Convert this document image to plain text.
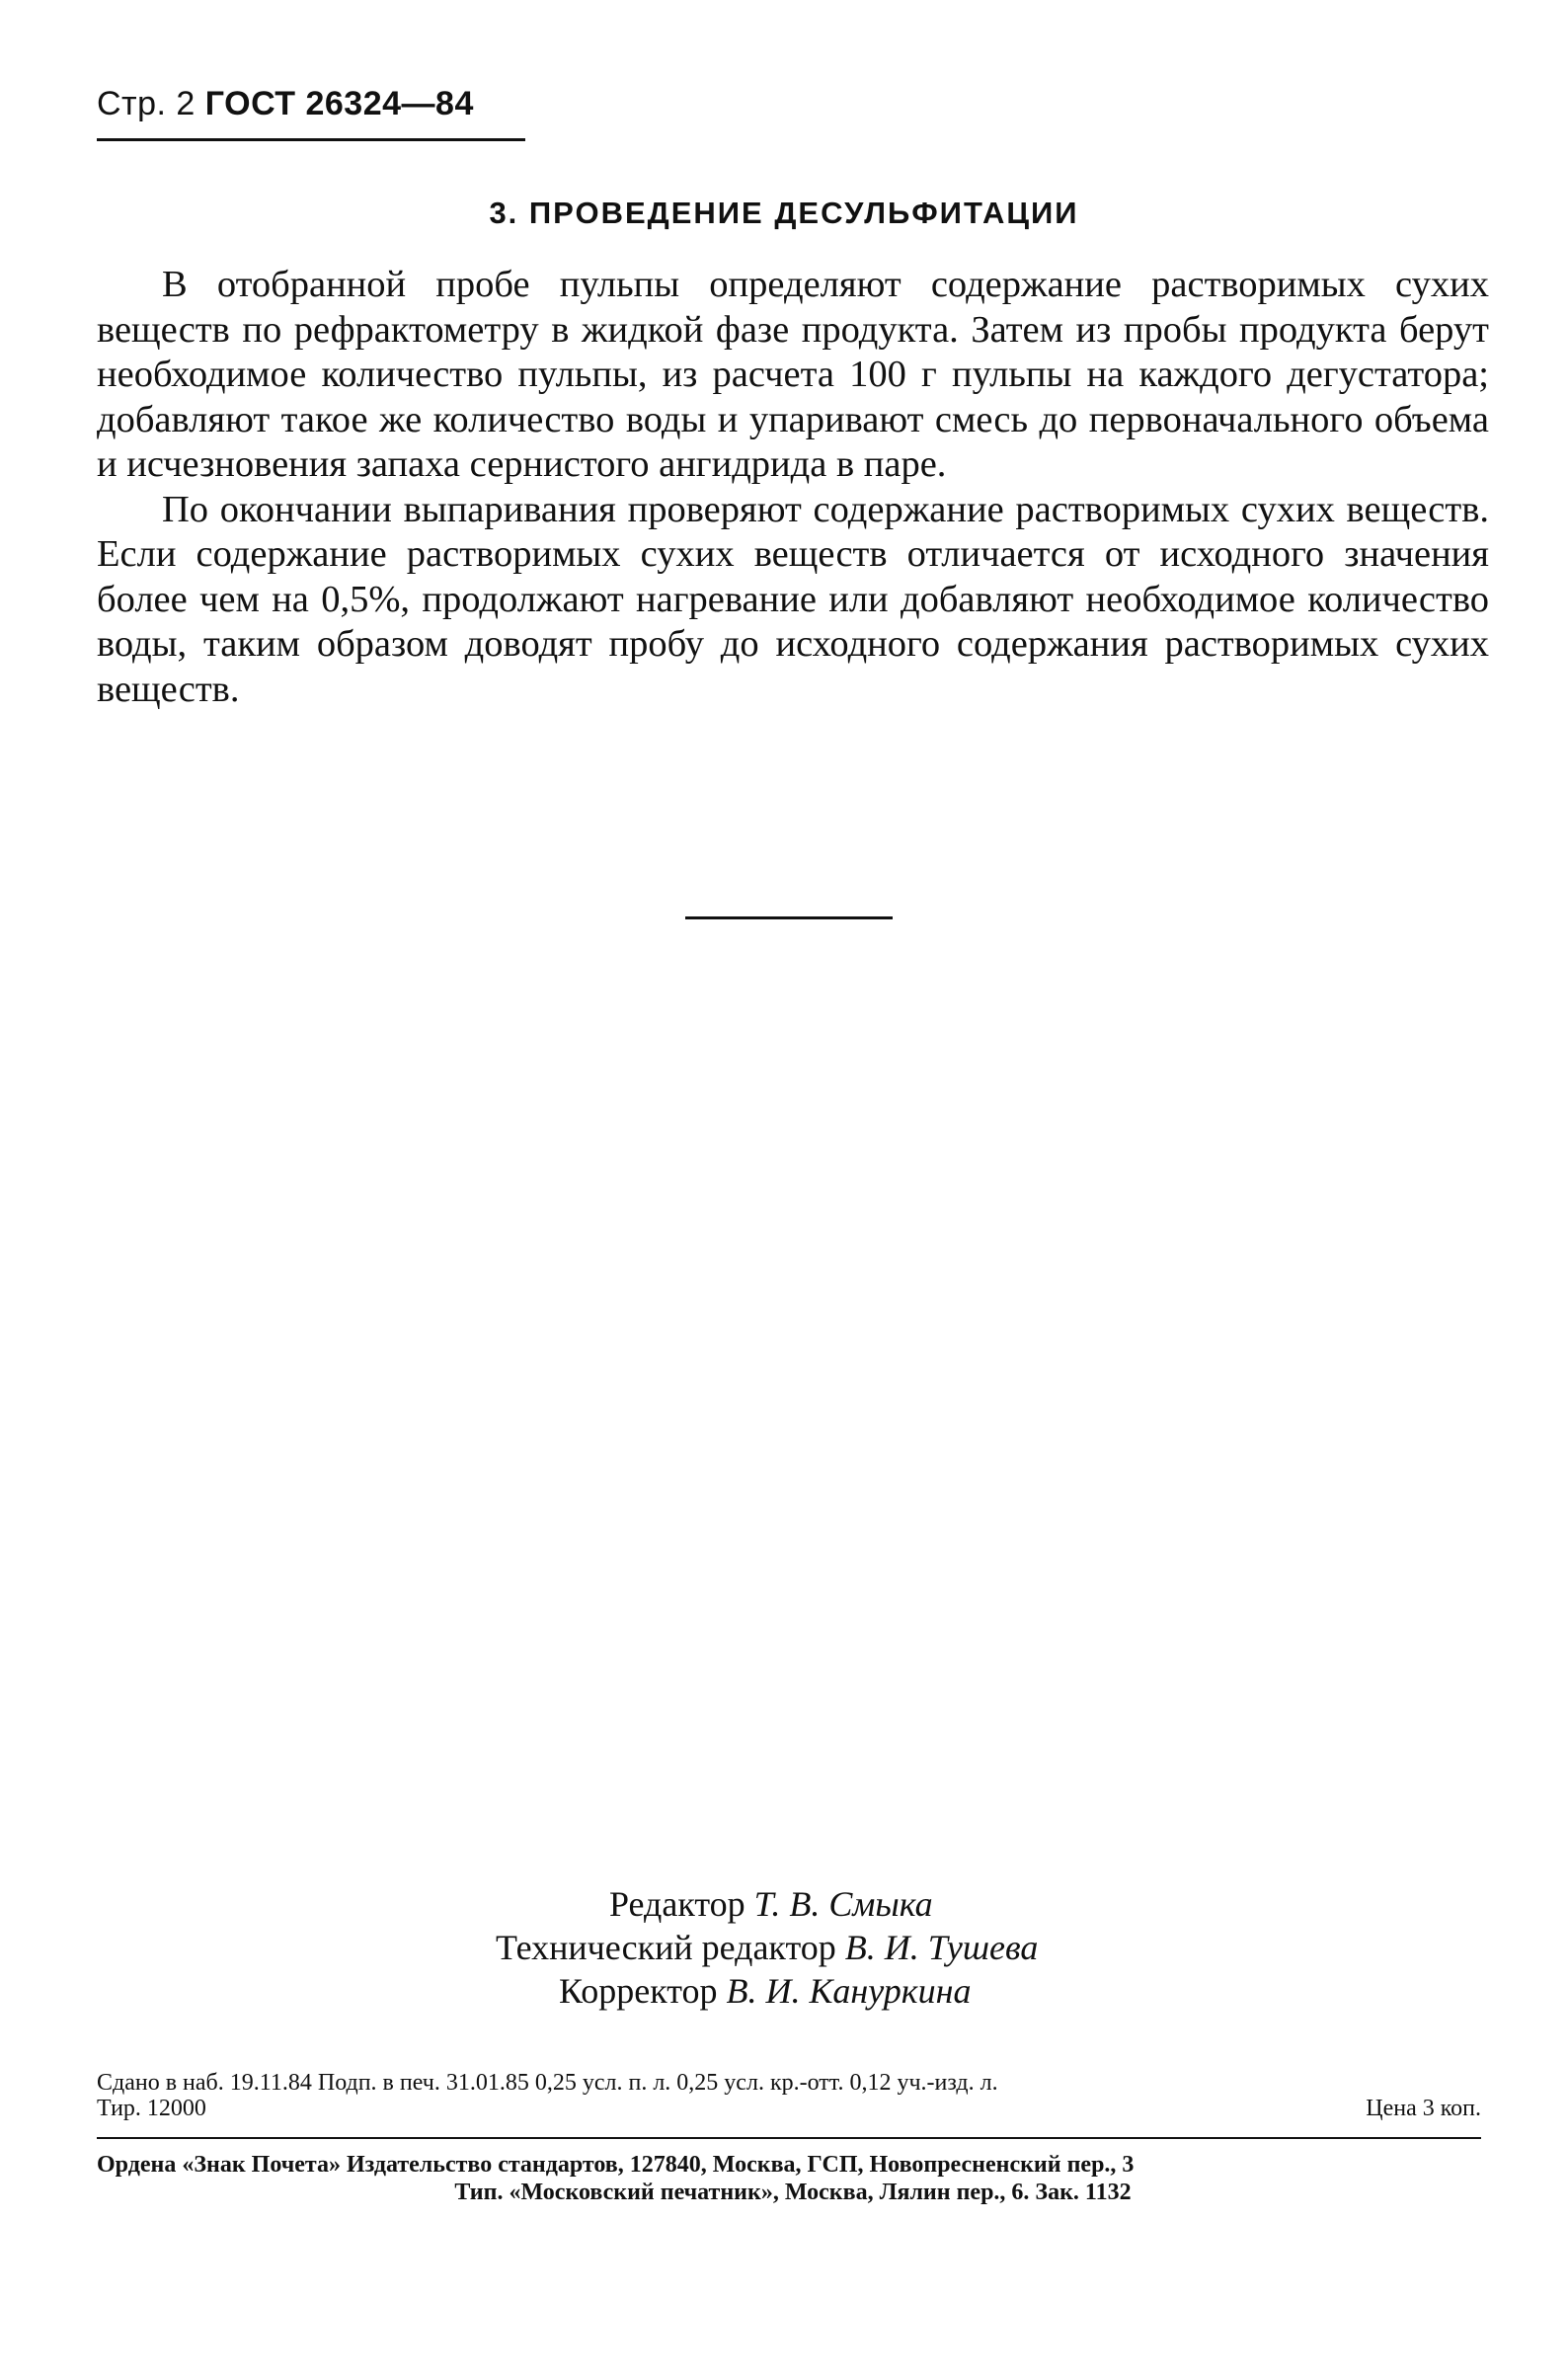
Стр. 2 ГОСТ 26324—84
3. ПРОВЕДЕНИЕ ДЕСУЛЬФИТАЦИИ

В отобранной пробе пульпы определяют содержание растворимых сухих веществ по рефрактометру в жидкой фазе продукта. Затем из пробы продукта берут необходимое количество пульпы, из расчета 100 г пульпы на каждого дегустатора; добавляют такое же количество воды и упаривают смесь до первоначального объема и исчезновения запаха сернистого ангидрида в паре.

По окончании выпаривания проверяют содержание растворимых сухих веществ. Если содержание растворимых сухих веществ отличается от исходного значения более чем на 0,5%, продолжают нагревание или добавляют необходимое количество воды, таким образом доводят пробу до исходного содержания растворимых сухих веществ.

Редактор Т. В. Смыка
Технический редактор В. И. Тушева
Корректор В. И. Кануркина
Сдано в наб. 19.11.84 Подп. в печ. 31.01.85 0,25 усл. п. л. 0,25 усл. кр.-отт. 0,12 уч.-изд. л.
Тир. 12000	Цена 3 коп.
Ордена «Знак Почета» Издательство стандартов, 127840, Москва, ГСП, Новопресненский пер., 3
Тип. «Московский печатник», Москва, Лялин пер., 6. Зак. 1132
